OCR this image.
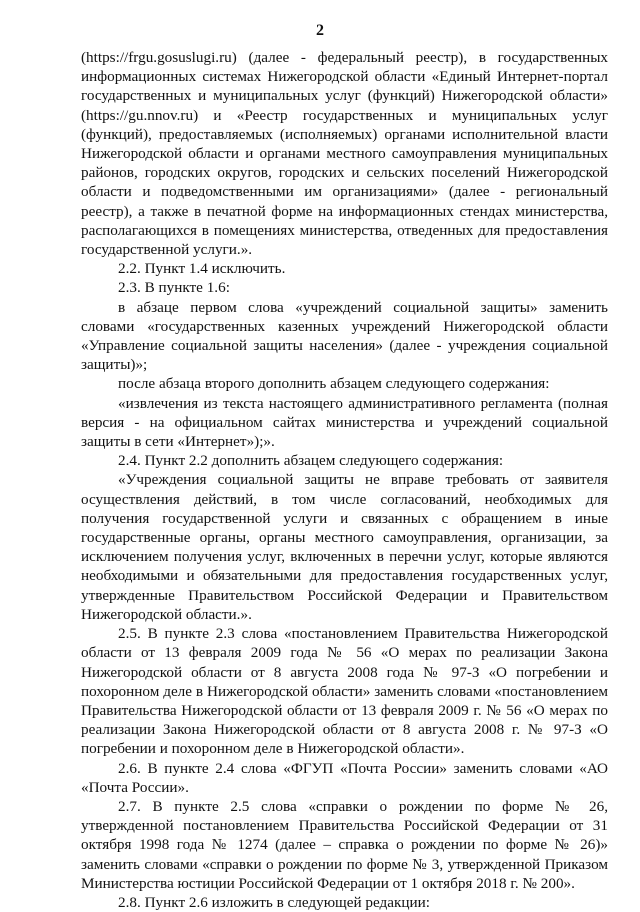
2

(https://frgu.gosuslugi.ru) (далее - федеральный реестр), в государственных информационных системах Нижегородской области «Единый Интернет-портал государственных и муниципальных услуг (функций) Нижегородской области» (https://gu.nnov.ru) и «Реестр государственных и муниципальных услуг (функций), предоставляемых (исполняемых) органами исполнительной власти Нижегородской области и органами местного самоуправления муниципальных районов, городских округов, городских и сельских поселений Нижегородской области и подведомственными им организациями» (далее - региональный реестр), а также в печатной форме на информационных стендах министерства, располагающихся в помещениях министерства, отведенных для предоставления государственной услуги.».

2.2. Пункт 1.4 исключить.

2.3. В пункте 1.6:

в абзаце первом слова «учреждений социальной защиты» заменить словами «государственных казенных учреждений Нижегородской области «Управление социальной защиты населения» (далее - учреждения социальной защиты)»;

после абзаца второго дополнить абзацем следующего содержания:

«извлечения из текста настоящего административного регламента (полная версия - на официальном сайтах министерства и учреждений социальной защиты в сети «Интернет»);».

2.4. Пункт 2.2 дополнить абзацем следующего содержания:

«Учреждения социальной защиты не вправе требовать от заявителя осуществления действий, в том числе согласований, необходимых для получения государственной услуги и связанных с обращением в иные государственные органы, органы местного самоуправления, организации, за исключением получения услуг, включенных в перечни услуг, которые являются необходимыми и обязательными для предоставления государственных услуг, утвержденные Правительством Российской Федерации и Правительством Нижегородской области.».

2.5. В пункте 2.3 слова «постановлением Правительства Нижегородской области от 13 февраля 2009 года № 56 «О мерах по реализации Закона Нижегородской области от 8 августа 2008 года № 97-З «О погребении и похоронном деле в Нижегородской области» заменить словами «постановлением Правительства Нижегородской области от 13 февраля 2009 г. № 56 «О мерах по реализации Закона Нижегородской области от 8 августа 2008 г. № 97-З «О погребении и похоронном деле в Нижегородской области».

2.6. В пункте 2.4 слова «ФГУП «Почта России» заменить словами «АО «Почта России».

2.7. В пункте 2.5 слова «справки о рождении по форме № 26, утвержденной постановлением Правительства Российской Федерации от 31 октября 1998 года № 1274 (далее – справка о рождении по форме № 26)» заменить словами «справки о рождении по форме № 3, утвержденной Приказом Министерства юстиции Российской Федерации от 1 октября 2018 г. № 200».

2.8. Пункт 2.6 изложить в следующей редакции:
